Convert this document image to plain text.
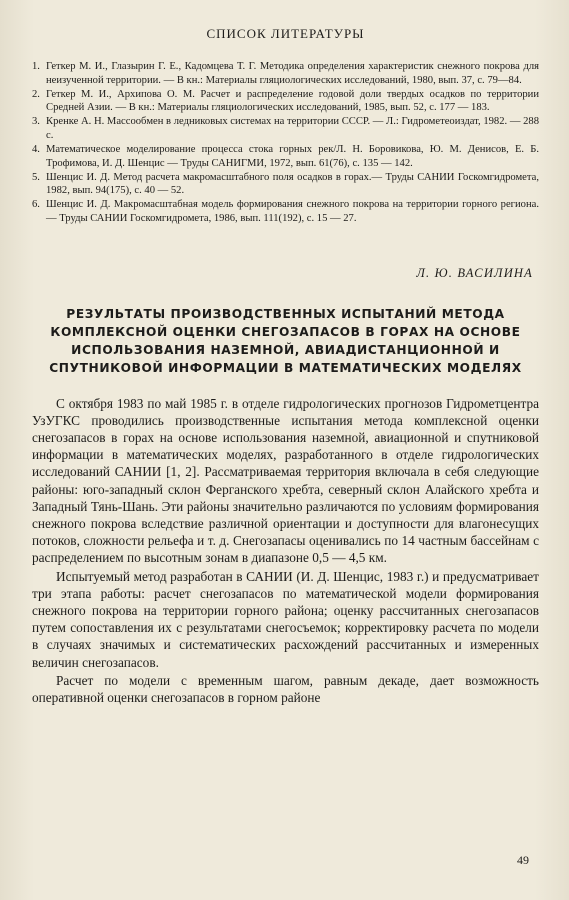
СПИСОК ЛИТЕРАТУРЫ
1. Геткер М. И., Глазырин Г. Е., Кадомцева Т. Г. Методика определения характеристик снежного покрова для неизученной территории. — В кн.: Материалы гляциологических исследований, 1980, вып. 37, с. 79—84.
2. Геткер М. И., Архипова О. М. Расчет и распределение годовой доли твердых осадков по территории Средней Азии. — В кн.: Материалы гляциологических исследований, 1985, вып. 52, с. 177 — 183.
3. Кренке А. Н. Массообмен в ледниковых системах на территории СССР. — Л.: Гидрометеоиздат, 1982. — 288 с.
4. Математическое моделирование процесса стока горных рек/Л. Н. Боровикова, Ю. М. Денисов, Е. Б. Трофимова, И. Д. Шенцис — Труды САНИГМИ, 1972, вып. 61(76), с. 135 — 142.
5. Шенцис И. Д. Метод расчета макромасштабного поля осадков в горах.— Труды САНИИ Госкомгидромета, 1982, вып. 94(175), с. 40 — 52.
6. Шенцис И. Д. Макромасштабная модель формирования снежного покрова на территории горного региона. — Труды САНИИ Госкомгидромета, 1986, вып. 111(192), с. 15 — 27.
Л. Ю. ВАСИЛИНА
РЕЗУЛЬТАТЫ ПРОИЗВОДСТВЕННЫХ ИСПЫТАНИЙ МЕТОДА КОМПЛЕКСНОЙ ОЦЕНКИ СНЕГОЗАПАСОВ В ГОРАХ НА ОСНОВЕ ИСПОЛЬЗОВАНИЯ НАЗЕМНОЙ, АВИАДИСТАНЦИОННОЙ И СПУТНИКОВОЙ ИНФОРМАЦИИ В МАТЕМАТИЧЕСКИХ МОДЕЛЯХ

С октября 1983 по май 1985 г. в отделе гидрологических прогнозов Гидрометцентра УзУГКС проводились производственные испытания метода комплексной оценки снегозапасов в горах на основе использования наземной, авиационной и спутниковой информации в математических моделях, разработанного в отделе гидрологических исследований САНИИ [1, 2]. Рассматриваемая территория включала в себя следующие районы: юго-западный склон Ферганского хребта, северный склон Алайского хребта и Западный Тянь-Шань. Эти районы значительно различаются по условиям формирования снежного покрова вследствие различной ориентации и доступности для влагонесущих потоков, сложности рельефа и т. д. Снегозапасы оценивались по 14 частным бассейнам с распределением по высотным зонам в диапазоне 0,5 — 4,5 км.

Испытуемый метод разработан в САНИИ (И. Д. Шенцис, 1983 г.) и предусматривает три этапа работы: расчет снегозапасов по математической модели формирования снежного покрова на территории горного района; оценку рассчитанных снегозапасов путем сопоставления их с результатами снегосъемок; корректировку расчета по модели в случаях значимых и систематических расхождений рассчитанных и измеренных величин снегозапасов.

Расчет по модели с временным шагом, равным декаде, дает возможность оперативной оценки снегозапасов в горном районе

49
